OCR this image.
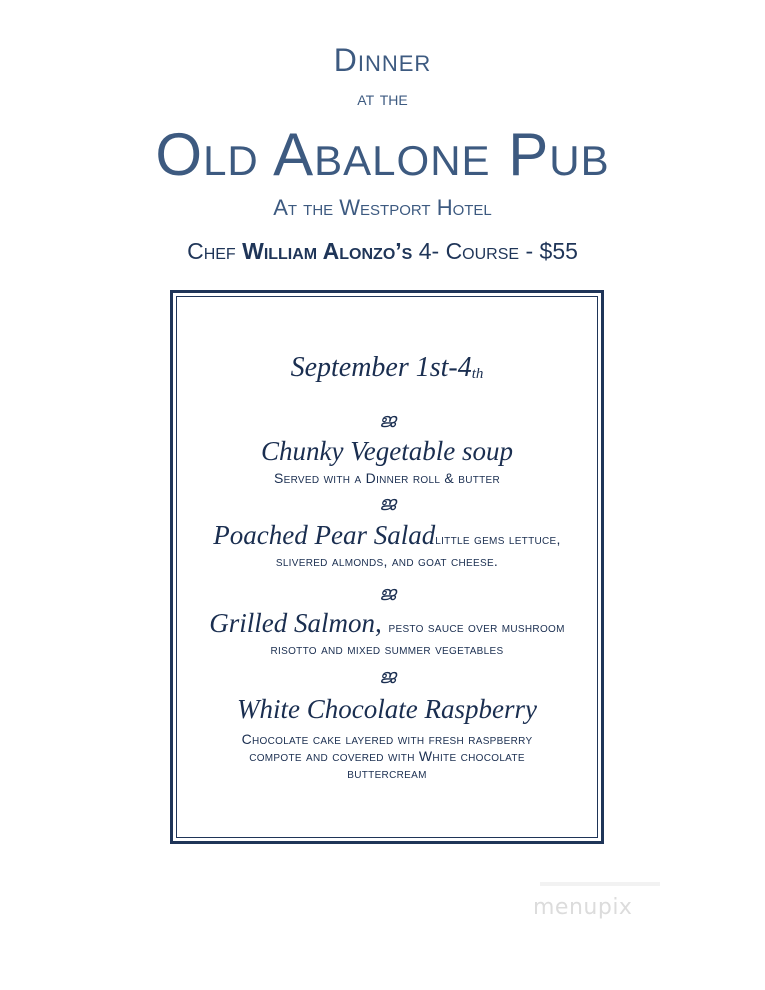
Dinner
at the
Old Abalone Pub
At the Westport Hotel
Chef William Alonzo’s 4- Course - $55
September 1st-4th
ജ
Chunky Vegetable soup
Served with a Dinner roll & butter
ജ
Poached Pear Saladlittle gems lettuce,
slivered almonds, and goat cheese.
ജ
Grilled Salmon, pesto sauce over mushroom
risotto and mixed summer vegetables
ജ
White Chocolate Raspberry
Chocolate cake layered with fresh raspberry
compote and covered with White chocolate
buttercream
menupix
